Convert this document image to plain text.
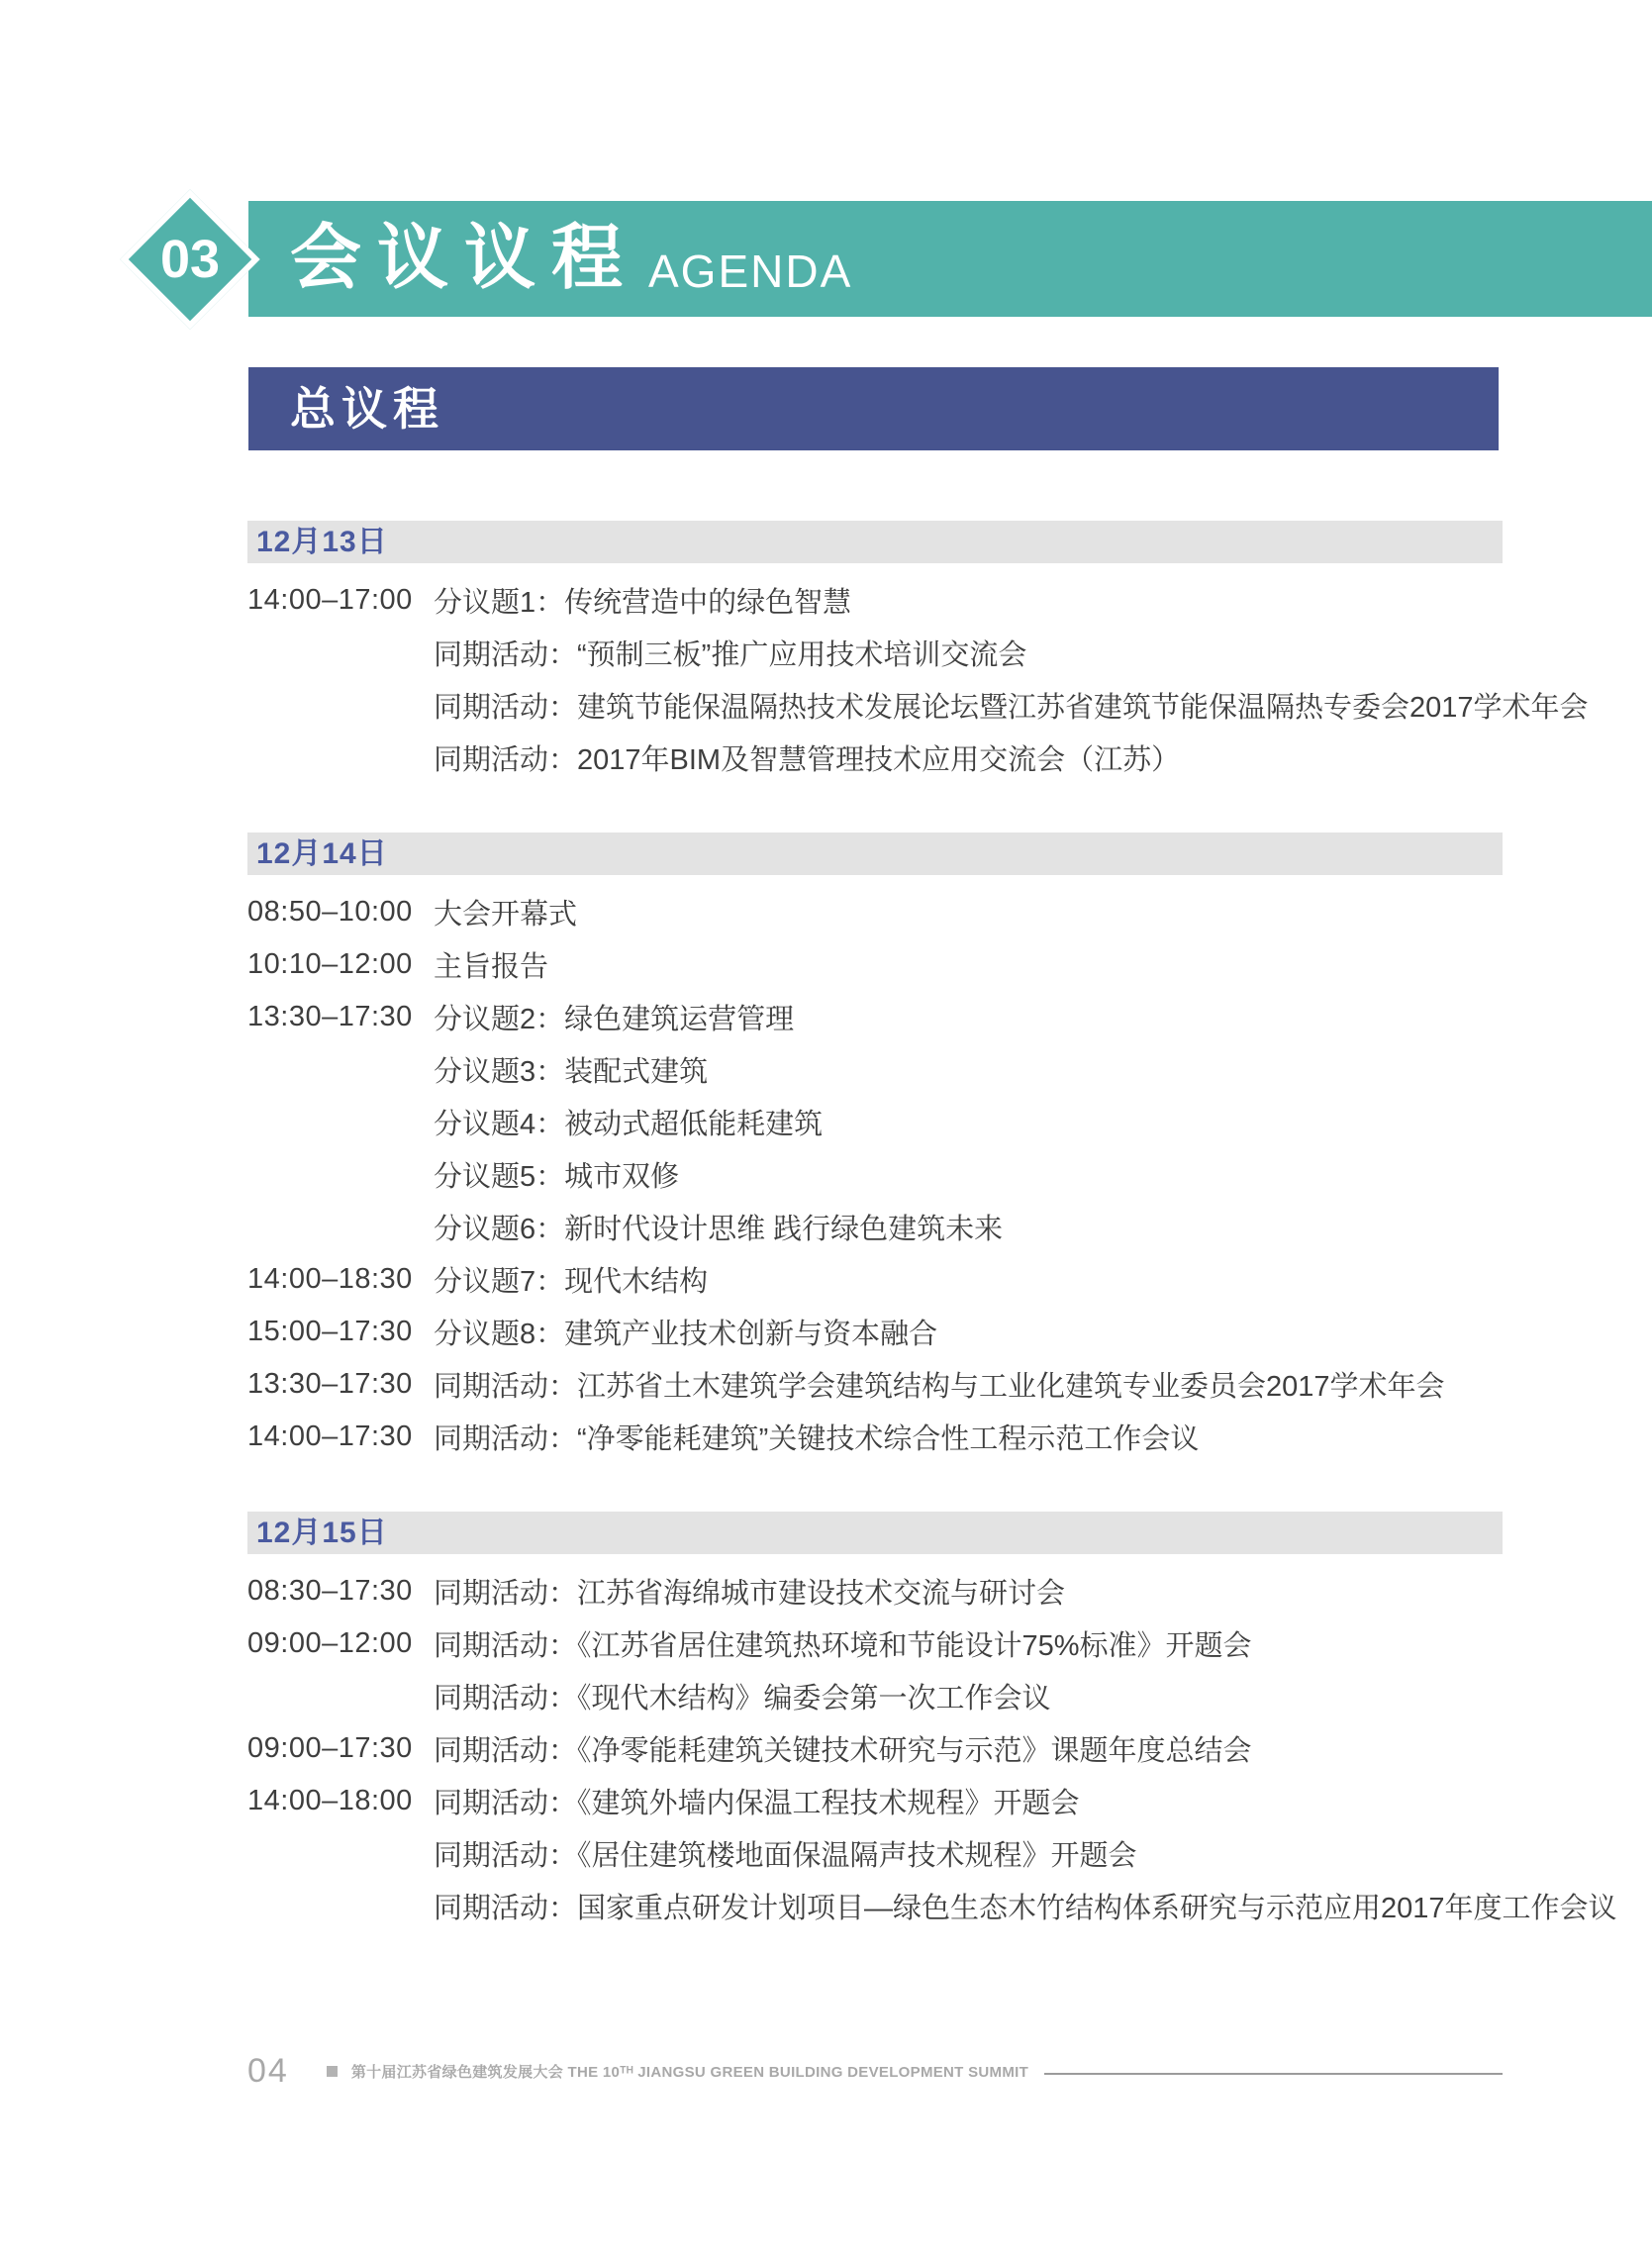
会议议程 AGENDA
03
总议程
12月13日
14:00–17:00 分议题1：传统营造中的绿色智慧
同期活动：“预制三板”推广应用技术培训交流会
同期活动：建筑节能保温隔热技术发展论坛暨江苏省建筑节能保温隔热专委会2017学术年会
同期活动：2017年BIM及智慧管理技术应用交流会（江苏）
12月14日
08:50–10:00 大会开幕式
10:10–12:00 主旨报告
13:30–17:30 分议题2：绿色建筑运营管理
分议题3：装配式建筑
分议题4：被动式超低能耗建筑
分议题5：城市双修
分议题6：新时代设计思维 践行绿色建筑未来
14:00–18:30 分议题7：现代木结构
15:00–17:30 分议题8：建筑产业技术创新与资本融合
13:30–17:30 同期活动：江苏省土木建筑学会建筑结构与工业化建筑专业委员会2017学术年会
14:00–17:30 同期活动：“净零能耗建筑”关键技术综合性工程示范工作会议
12月15日
08:30–17:30 同期活动：江苏省海绵城市建设技术交流与研讨会
09:00–12:00 同期活动：《江苏省居住建筑热环境和节能设计75%标准》开题会
同期活动：《现代木结构》编委会第一次工作会议
09:00–17:30 同期活动：《净零能耗建筑关键技术研究与示范》课题年度总结会
14:00–18:00 同期活动：《建筑外墙内保温工程技术规程》开题会
同期活动：《居住建筑楼地面保温隔声技术规程》开题会
同期活动：国家重点研发计划项目—绿色生态木竹结构体系研究与示范应用2017年度工作会议
04	第十届江苏省绿色建筑发展大会 THE 10ᵀᴴ JIANGSU GREEN BUILDING DEVELOPMENT SUMMIT
